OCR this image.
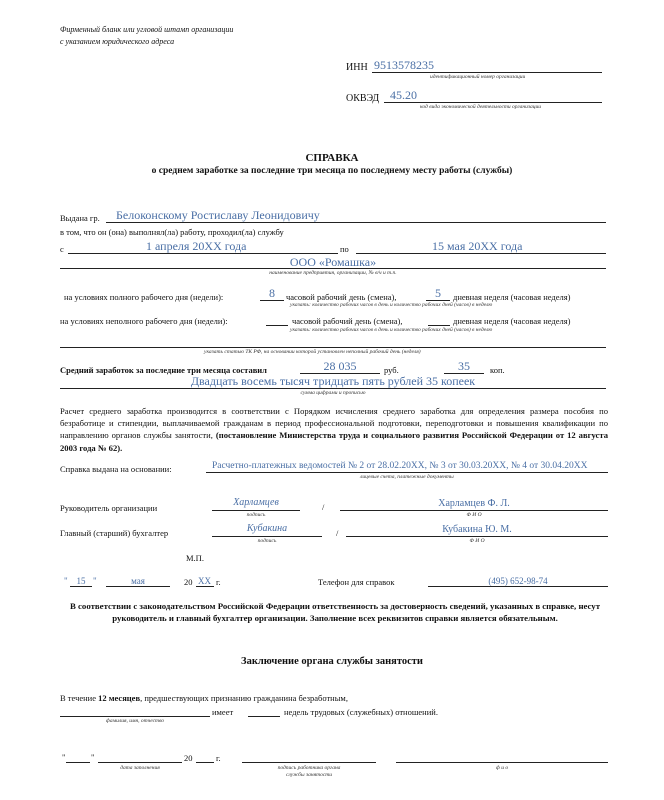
Фирменный бланк или угловой штамп организации
с указанием юридического адреса
ИНН 9513578235
идентификационный номер организации
ОКВЭД 45.20
код вида экономической деятельности организации
СПРАВКА
о среднем заработке за последние три месяца по последнему месту работы (службы)
Выдана гр. Белоконскому Ростиславу Леонидовичу
в том, что он (она) выполнял(ла) работу, проходил(ла) службу
с	1 апреля 20ХХ года	по	15 мая 20ХХ года
ООО «Ромашка»
наименование предприятия, организации, № в/ч и т.п.
на условиях полного рабочего дня (недели):	8	часовой рабочий день (смена),	5	дневная неделя (часовая неделя)
указать: количество рабочих часов в день и количество рабочих дней (часов) в неделю
на условиях неполного рабочего дня (недели):	часовой рабочий день (смена),	дневная неделя (часовая неделя)
указать: количество рабочих часов в день и количество рабочих дней (часов) в неделю
указать статью ТК РФ, на основании которой установлен неполный рабочий день (неделя)
Средний заработок за последние три месяца составил	28 035	руб.	35	коп.
Двадцать восемь тысяч тридцать пять рублей 35 копеек
сумма цифрами и прописью
Расчет среднего заработка производится в соответствии с Порядком исчисления среднего заработка для определения размера пособия по безработице и стипендии, выплачиваемой гражданам в период профессиональной подготовки, переподготовки и повышения квалификации по направлению органов службы занятости, (постановление Министерства труда и социального развития Российской Федерации от 12 августа 2003 года № 62).
Справка выдана на основании:	Расчетно-платежных ведомостей № 2 от 28.02.20ХХ, № 3 от 30.03.20ХХ, № 4 от 30.04.20ХХ
лицевые счета, платежные документы
Руководитель организации	Харламцев
подпись
/	Харламцев Ф. Л.
Ф И О
Главный (старший) бухгалтер	Кубакина
подпись
/	Кубакина Ю. М.
Ф И О
М.П.
" 15 "	мая	20 ХХ г.	Телефон для справок	(495) 652-98-74
В соответствии с законодательством Российской Федерации ответственность за достоверность сведений, указанных в справке, несут руководитель и главный бухгалтер организации. Заполнение всех реквизитов справки является обязательным.
Заключение органа службы занятости
В течение 12 месяцев, предшествующих признанию гражданина безработным,
фамилия, имя, отчество
имеет	недель трудовых (служебных) отношений.
"	"	20	г.
дата заполнения	подпись работника органа
службы занятости
ф и о
